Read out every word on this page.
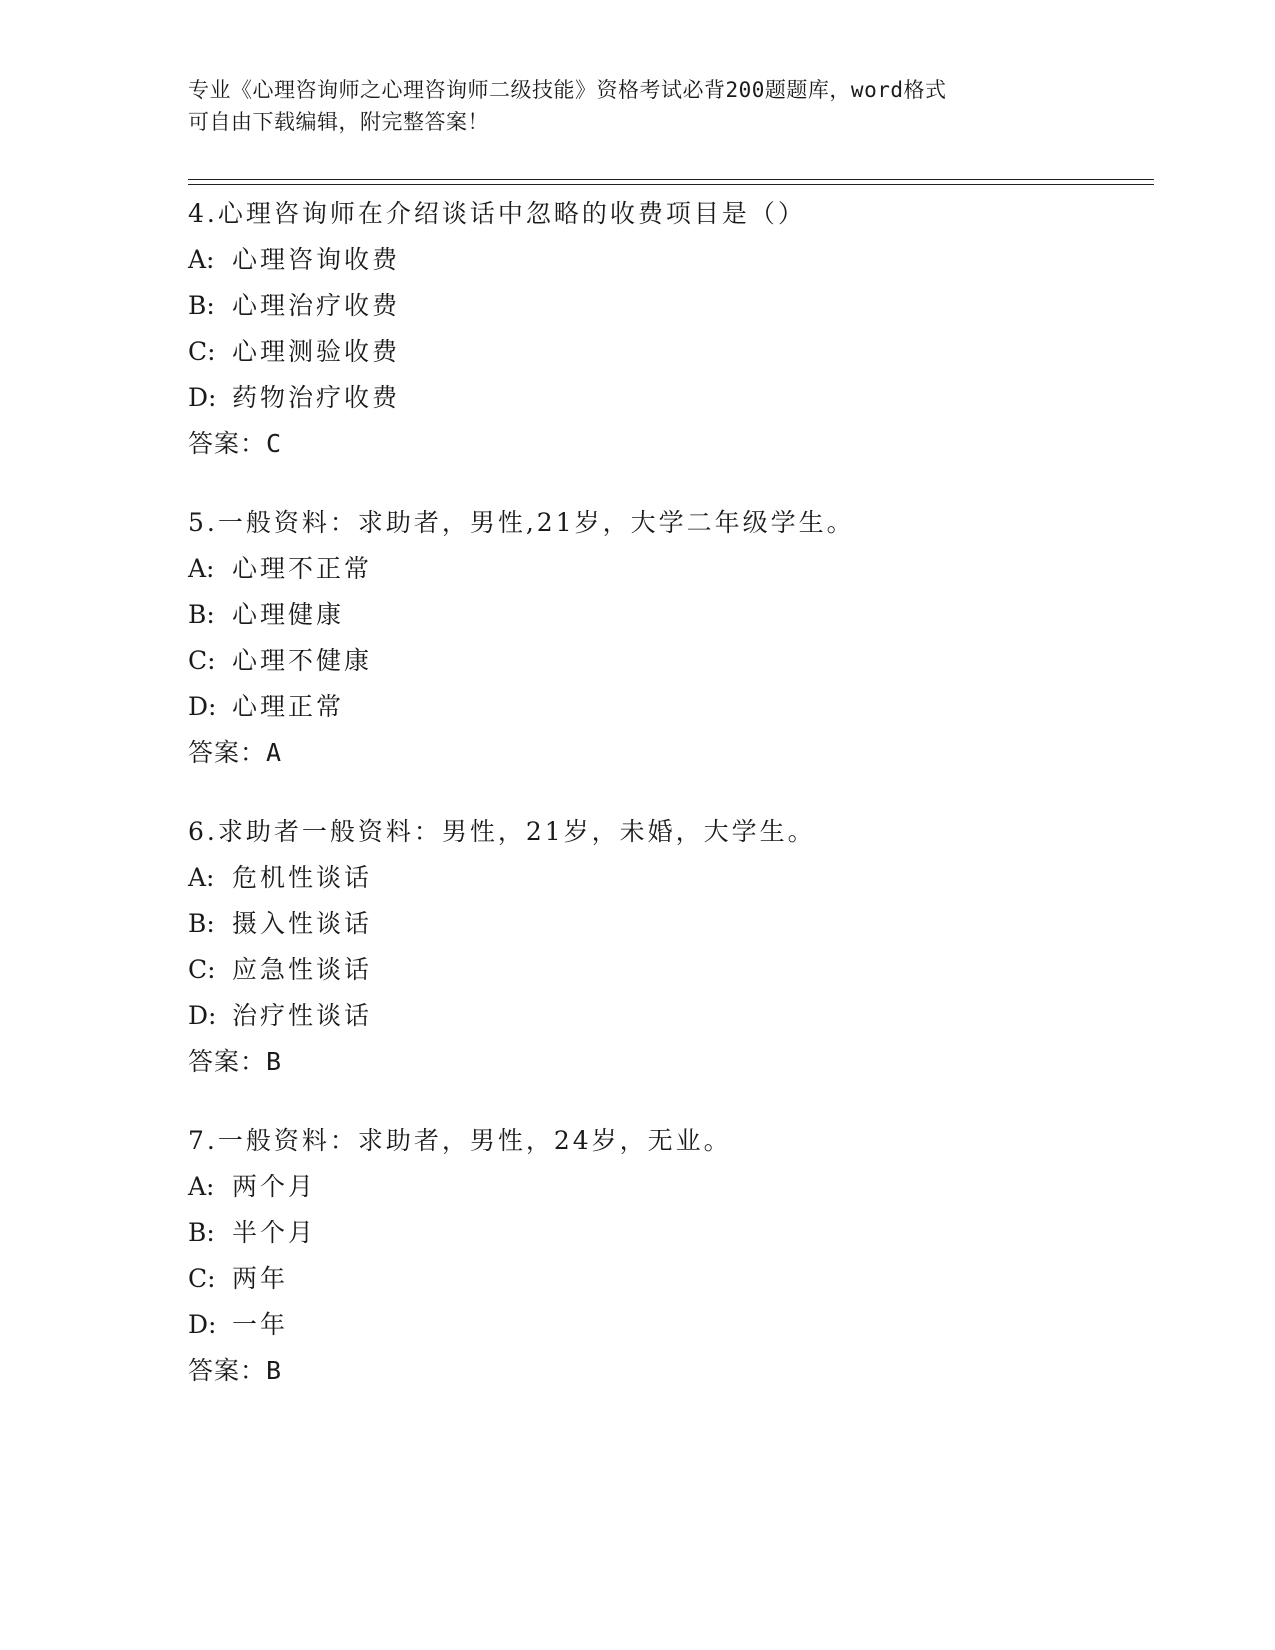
专业《心理咨询师之心理咨询师二级技能》资格考试必背200题题库，word格式
可自由下载编辑，附完整答案！
4.心理咨询师在介绍谈话中忽略的收费项目是（）
A: 心理咨询收费
B: 心理治疗收费
C: 心理测验收费
D: 药物治疗收费
答案：C
5.一般资料：求助者，男性,21岁，大学二年级学生。
A: 心理不正常
B: 心理健康
C: 心理不健康
D: 心理正常
答案：A
6.求助者一般资料：男性，21岁，未婚，大学生。
A: 危机性谈话
B: 摄入性谈话
C: 应急性谈话
D: 治疗性谈话
答案：B
7.一般资料：求助者，男性，24岁，无业。
A: 两个月
B: 半个月
C: 两年
D: 一年
答案：B
